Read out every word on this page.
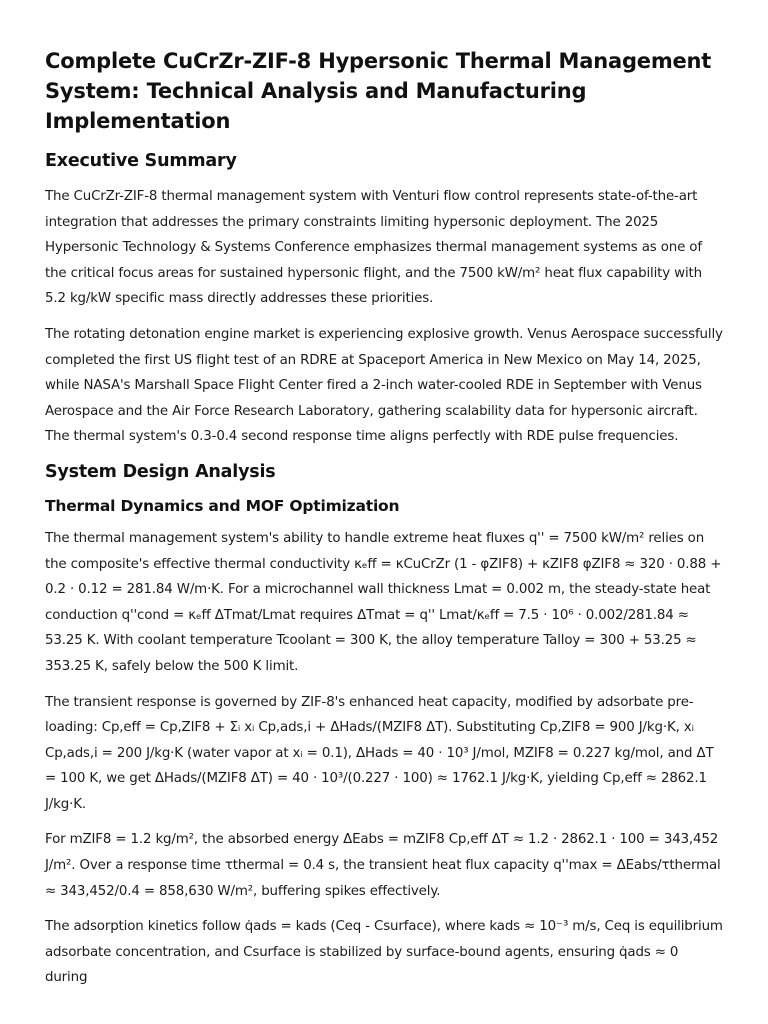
Complete CuCrZr-ZIF-8 Hypersonic Thermal Management System: Technical Analysis and Manufacturing Implementation
Executive Summary

The CuCrZr-ZIF-8 thermal management system with Venturi flow control represents state-of-the-art integration that addresses the primary constraints limiting hypersonic deployment. The 2025 Hypersonic Technology & Systems Conference emphasizes thermal management systems as one of the critical focus areas for sustained hypersonic flight, and the 7500 kW/m² heat flux capability with 5.2 kg/kW specific mass directly addresses these priorities.

The rotating detonation engine market is experiencing explosive growth. Venus Aerospace successfully completed the first US flight test of an RDRE at Spaceport America in New Mexico on May 14, 2025, while NASA's Marshall Space Flight Center fired a 2-inch water-cooled RDE in September with Venus Aerospace and the Air Force Research Laboratory, gathering scalability data for hypersonic aircraft. The thermal system's 0.3-0.4 second response time aligns perfectly with RDE pulse frequencies.

System Design Analysis
Thermal Dynamics and MOF Optimization

The thermal management system's ability to handle extreme heat fluxes q'' = 7500 kW/m² relies on the composite's effective thermal conductivity κₑff = κCuCrZr (1 - φZIF8) + κZIF8 φZIF8 ≈ 320 · 0.88 + 0.2 · 0.12 = 281.84 W/m·K. For a microchannel wall thickness Lmat = 0.002 m, the steady-state heat conduction q''cond = κₑff ΔTmat/Lmat requires ΔTmat = q'' Lmat/κₑff = 7.5 · 10⁶ · 0.002/281.84 ≈ 53.25 K. With coolant temperature Tcoolant = 300 K, the alloy temperature Talloy = 300 + 53.25 ≈ 353.25 K, safely below the 500 K limit.

The transient response is governed by ZIF-8's enhanced heat capacity, modified by adsorbate pre-loading: Cp,eff = Cp,ZIF8 + Σᵢ xᵢ Cp,ads,i + ΔHads/(MZIF8 ΔT). Substituting Cp,ZIF8 = 900 J/kg·K, xᵢ Cp,ads,i = 200 J/kg·K (water vapor at xᵢ = 0.1), ΔHads = 40 · 10³ J/mol, MZIF8 = 0.227 kg/mol, and ΔT = 100 K, we get ΔHads/(MZIF8 ΔT) = 40 · 10³/(0.227 · 100) ≈ 1762.1 J/kg·K, yielding Cp,eff ≈ 2862.1 J/kg·K.

For mZIF8 = 1.2 kg/m², the absorbed energy ΔEabs = mZIF8 Cp,eff ΔT ≈ 1.2 · 2862.1 · 100 = 343,452 J/m². Over a response time τthermal = 0.4 s, the transient heat flux capacity q''max = ΔEabs/τthermal ≈ 343,452/0.4 = 858,630 W/m², buffering spikes effectively.

The adsorption kinetics follow q̇ads = kads (Ceq - Csurface), where kads ≈ 10⁻³ m/s, Ceq is equilibrium adsorbate concentration, and Csurface is stabilized by surface-bound agents, ensuring q̇ads ≈ 0 during
